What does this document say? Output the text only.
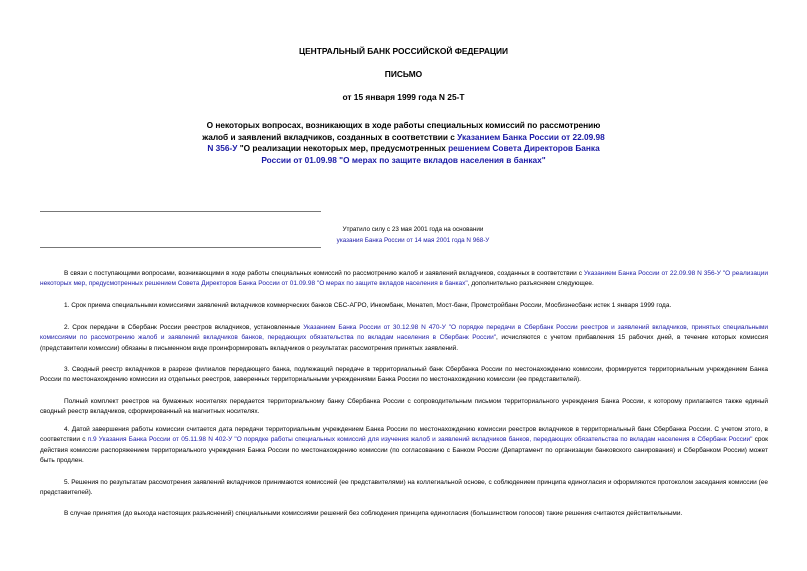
ЦЕНТРАЛЬНЫЙ БАНК РОССИЙСКОЙ ФЕДЕРАЦИИ
ПИСЬМО
от 15 января 1999 года N 25-Т
О некоторых вопросах, возникающих в ходе работы специальных комиссий по рассмотрению жалоб и заявлений вкладчиков, созданных в соответствии с Указанием Банка России от 22.09.98 N 356-У "О реализации некоторых мер, предусмотренных решением Совета Директоров Банка России от 01.09.98 "О мерах по защите вкладов населения в банках"
Утратило силу с 23 мая 2001 года на основании
указания Банка России от 14 мая 2001 года N 968-У

В связи с поступающими вопросами, возникающими в ходе работы специальных комиссий по рассмотрению жалоб и заявлений вкладчиков, созданных в соответствии с Указанием Банка России от 22.09.98 N 356-У "О реализации некоторых мер, предусмотренных решением Совета Директоров Банка России от 01.09.98 "О мерах по защите вкладов населения в банках", дополнительно разъясняем следующее.

1. Срок приема специальными комиссиями заявлений вкладчиков коммерческих банков СБС-АГРО, Инкомбанк, Менатеп, Мост-банк, Промстройбанк России, Мосбизнесбанк истек 1 января 1999 года.

2. Срок передачи в Сбербанк России реестров вкладчиков, установленные Указанием Банка России от 30.12.98 N 470-У "О порядке передачи в Сбербанк России реестров и заявлений вкладчиков, принятых специальными комиссиями по рассмотрению жалоб и заявлений вкладчиков банков, передающих обязательства по вкладам населения в Сбербанк России", исчисляются с учетом прибавления 15 рабочих дней, в течение которых комиссия (представители комиссии) обязаны в письменном виде проинформировать вкладчиков о результатах рассмотрения принятых заявлений.

3. Сводный реестр вкладчиков в разрезе филиалов передающего банка, подлежащий передаче в территориальный банк Сбербанка России по местонахождению комиссии, формируется территориальным учреждением Банка России по местонахождению комиссии из отдельных реестров, заверенных территориальными учреждениями Банка России по местонахождению комиссии (ее представителей).

Полный комплект реестров на бумажных носителях передается территориальному банку Сбербанка России с сопроводительным письмом территориального учреждения Банка России, к которому прилагается также единый сводный реестр вкладчиков, сформированный на магнитных носителях.

4. Датой завершения работы комиссии считается дата передачи территориальным учреждением Банка России по местонахождению комиссии реестров вкладчиков в территориальный банк Сбербанка России. С учетом этого, в соответствии с п.9 Указания Банка России от 05.11.98 N 402-У "О порядке работы специальных комиссий для изучения жалоб и заявлений вкладчиков банков, передающих обязательства по вкладам населения в Сбербанк России" срок действия комиссии распоряжением территориального учреждения Банка России по местонахождению комиссии (по согласованию с Банком России (Департамент по организации банковского санирования) и Сбербанком России) может быть продлен.

5. Решения по результатам рассмотрения заявлений вкладчиков принимаются комиссией (ее представителями) на коллегиальной основе, с соблюдением принципа единогласия и оформляются протоколом заседания комиссии (ее представителей).

В случае принятия (до выхода настоящих разъяснений) специальными комиссиями решений без соблюдения принципа единогласия (большинством голосов) такие решения считаются действительными.
